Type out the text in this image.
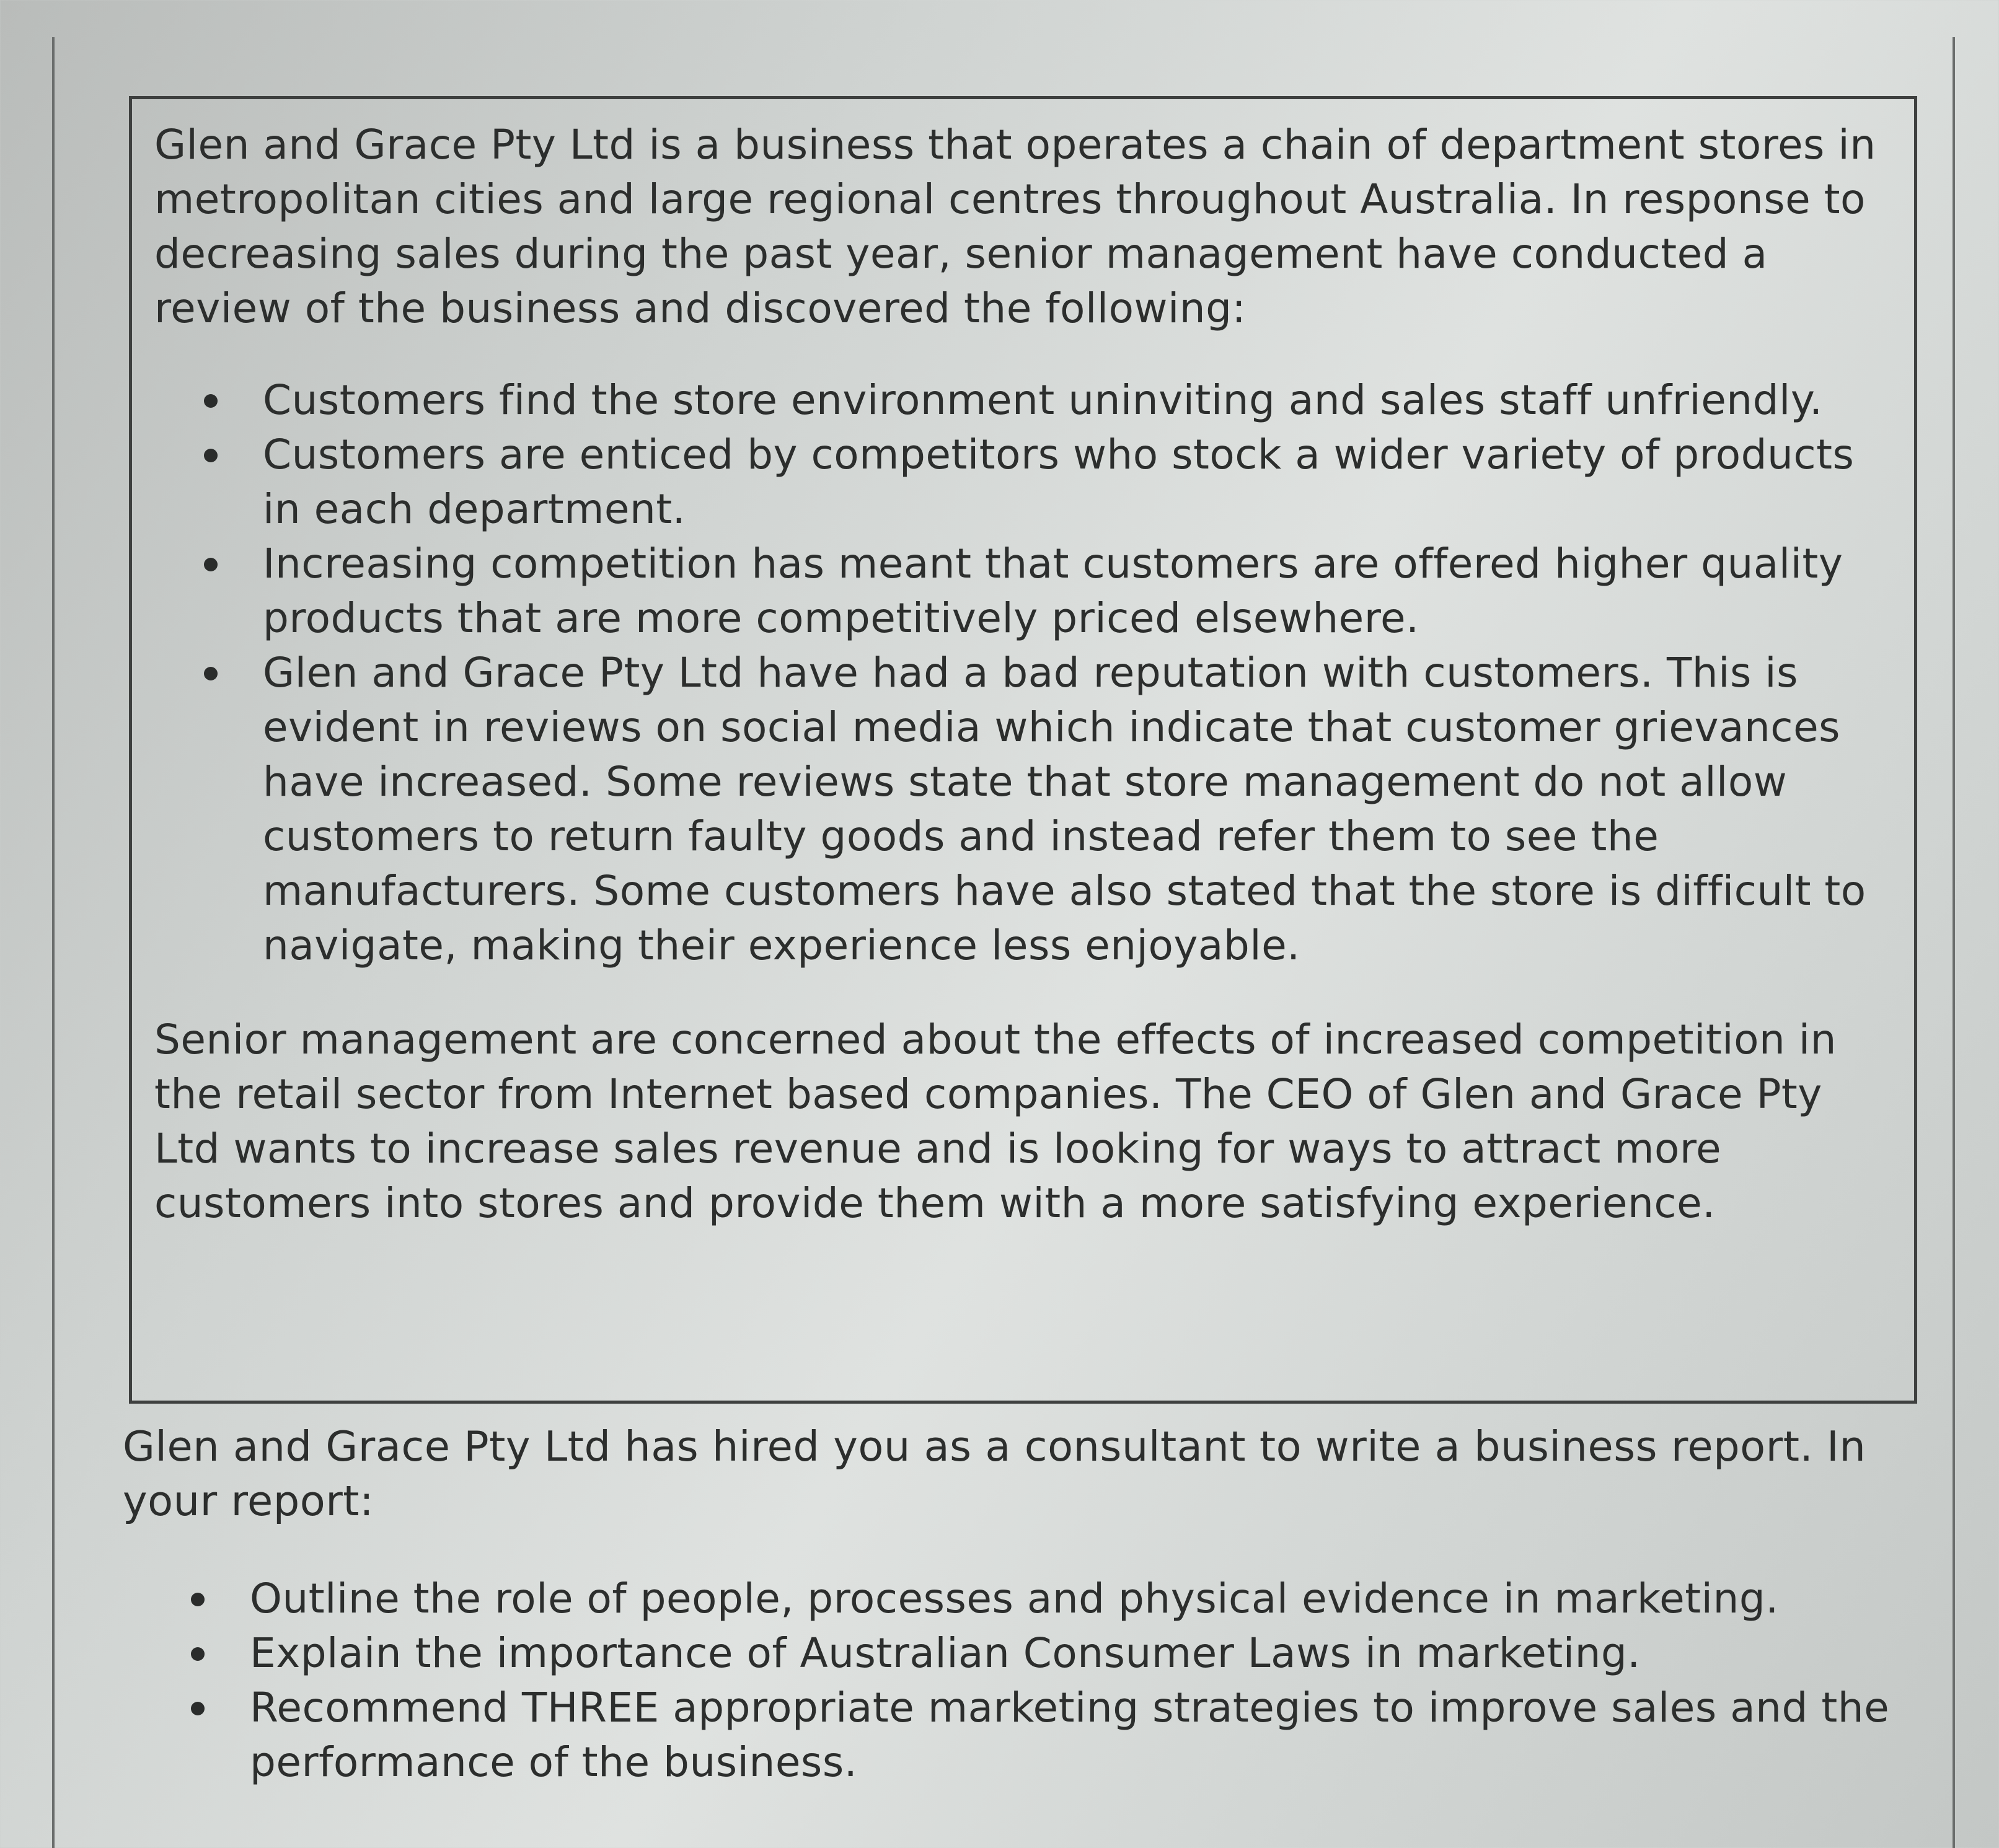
Glen and Grace Pty Ltd is a business that operates a chain of department stores in metropolitan cities and large regional centres throughout Australia. In response to decreasing sales during the past year, senior management have conducted a review of the business and discovered the following:

Customers find the store environment uninviting and sales staff unfriendly.
Customers are enticed by competitors who stock a wider variety of products in each department.
Increasing competition has meant that customers are offered higher quality products that are more competitively priced elsewhere.
Glen and Grace Pty Ltd have had a bad reputation with customers. This is evident in reviews on social media which indicate that customer grievances have increased. Some reviews state that store management do not allow customers to return faulty goods and instead refer them to see the manufacturers. Some customers have also stated that the store is difficult to navigate, making their experience less enjoyable.

Senior management are concerned about the effects of increased competition in the retail sector from Internet based companies. The CEO of Glen and Grace Pty Ltd wants to increase sales revenue and is looking for ways to attract more customers into stores and provide them with a more satisfying experience.

Glen and Grace Pty Ltd has hired you as a consultant to write a business report. In your report:

Outline the role of people, processes and physical evidence in marketing.
Explain the importance of Australian Consumer Laws in marketing.
Recommend THREE appropriate marketing strategies to improve sales and the performance of the business.
